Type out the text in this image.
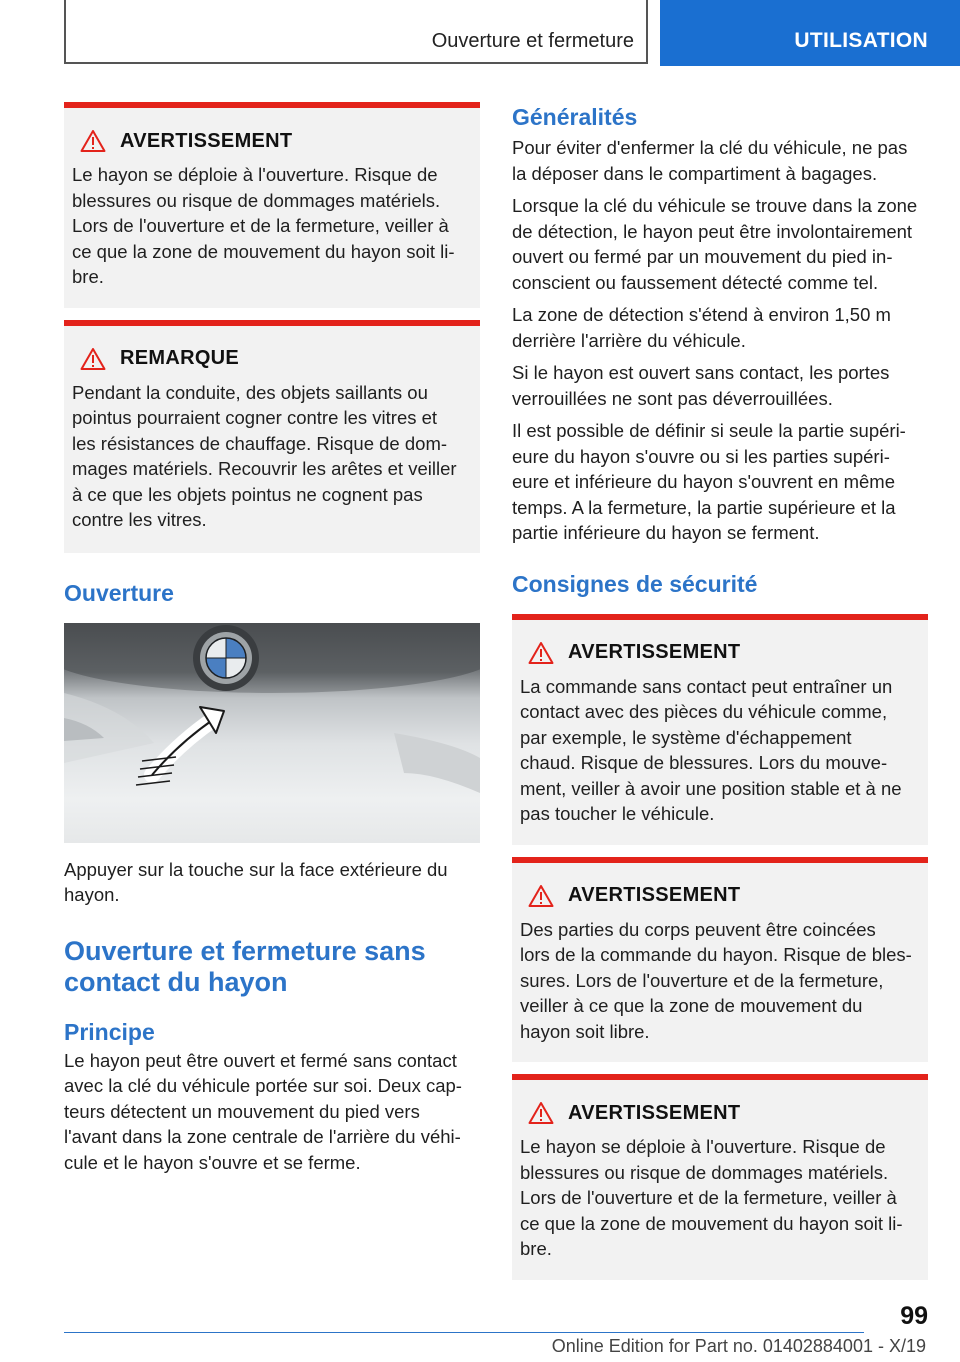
Ouverture et fermeture	UTILISATION
AVERTISSEMENT
Le hayon se déploie à l'ouverture. Risque de
blessures ou risque de dommages matériels.
Lors de l'ouverture et de la fermeture, veiller à
ce que la zone de mouvement du hayon soit li-
bre.
REMARQUE
Pendant la conduite, des objets saillants ou
pointus pourraient cogner contre les vitres et
les résistances de chauffage. Risque de dom-
mages matériels. Recouvrir les arêtes et veiller
à ce que les objets pointus ne cognent pas
contre les vitres.
Ouverture
Appuyer sur la touche sur la face extérieure du
hayon.
Ouverture et fermeture sans
contact du hayon
Principe
Le hayon peut être ouvert et fermé sans contact
avec la clé du véhicule portée sur soi. Deux cap-
teurs détectent un mouvement du pied vers
l'avant dans la zone centrale de l'arrière du véhi-
cule et le hayon s'ouvre et se ferme.
Généralités
Pour éviter d'enfermer la clé du véhicule, ne pas
la déposer dans le compartiment à bagages.
Lorsque la clé du véhicule se trouve dans la zone
de détection, le hayon peut être involontairement
ouvert ou fermé par un mouvement du pied in-
conscient ou faussement détecté comme tel.
La zone de détection s'étend à environ 1,50 m
derrière l'arrière du véhicule.
Si le hayon est ouvert sans contact, les portes
verrouillées ne sont pas déverrouillées.
Il est possible de définir si seule la partie supéri-
eure du hayon s'ouvre ou si les parties supéri-
eure et inférieure du hayon s'ouvrent en même
temps. A la fermeture, la partie supérieure et la
partie inférieure du hayon se ferment.
Consignes de sécurité
AVERTISSEMENT
La commande sans contact peut entraîner un
contact avec des pièces du véhicule comme,
par exemple, le système d'échappement
chaud. Risque de blessures. Lors du mouve-
ment, veiller à avoir une position stable et à ne
pas toucher le véhicule.
AVERTISSEMENT
Des parties du corps peuvent être coincées
lors de la commande du hayon. Risque de bles-
sures. Lors de l'ouverture et de la fermeture,
veiller à ce que la zone de mouvement du
hayon soit libre.
AVERTISSEMENT
Le hayon se déploie à l'ouverture. Risque de
blessures ou risque de dommages matériels.
Lors de l'ouverture et de la fermeture, veiller à
ce que la zone de mouvement du hayon soit li-
bre.
99
Online Edition for Part no. 01402884001 - X/19
